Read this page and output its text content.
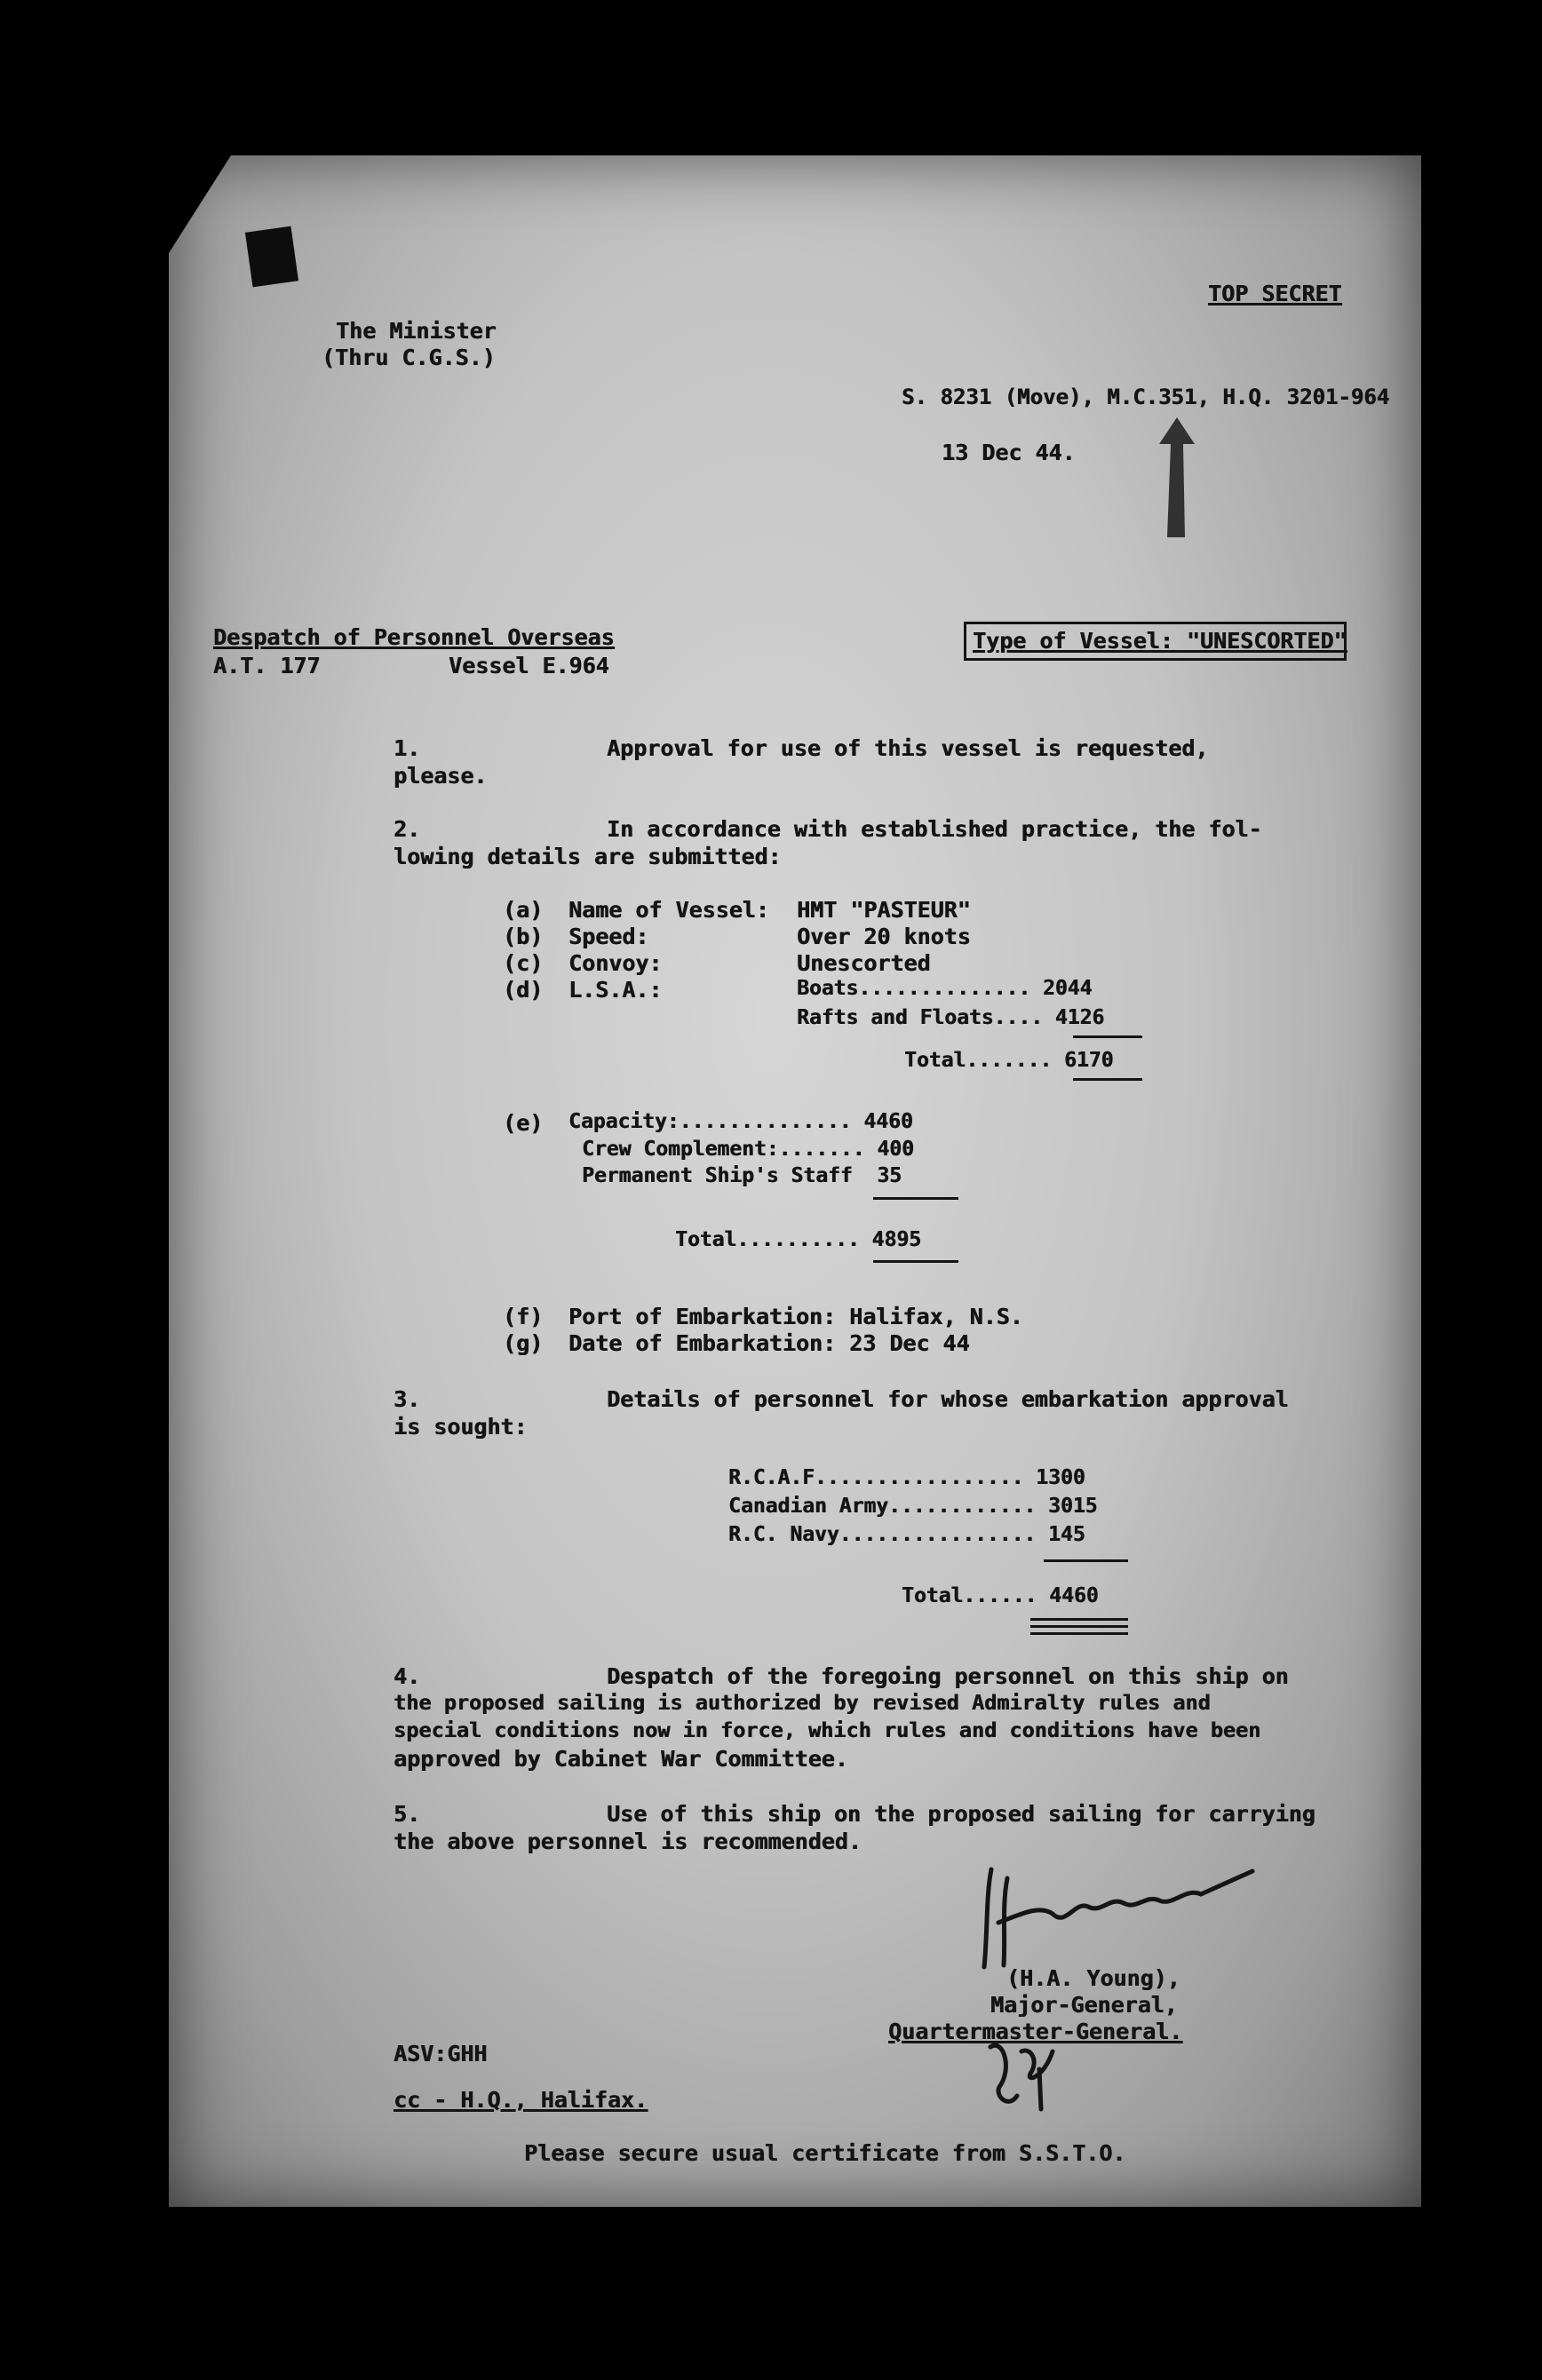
The Minister
(Thru C.G.S.)
TOP SECRET
S. 8231 (Move), M.C.351, H.Q. 3201-964
13 Dec 44.
Despatch of Personnel Overseas
A.T. 177	Vessel E.964
Type of Vessel: "UNESCORTED"
1.	Approval for use of this vessel is requested,
please.
2.	In accordance with established practice, the fol-
lowing details are submitted:
(a) Name of Vessel: HMT "PASTEUR"
(b) Speed:	Over 20 knots
(c) Convoy:	Unescorted
(d) L.S.A.:	Boats.............. 2044
Rafts and Floats.... 4126
Total....... 6170
(e) Capacity:.............. 4460
Crew Complement:....... 400
Permanent Ship's Staff  35
Total.......... 4895
(f) Port of Embarkation: Halifax, N.S.
(g) Date of Embarkation: 23 Dec 44
3.	Details of personnel for whose embarkation approval
is sought:
R.C.A.F................. 1300
Canadian Army............ 3015
R.C. Navy................ 145
Total...... 4460
4.	Despatch of the foregoing personnel on this ship on
the proposed sailing is authorized by revised Admiralty rules and
special conditions now in force, which rules and conditions have been
approved by Cabinet War Committee.
5.	Use of this ship on the proposed sailing for carrying
the above personnel is recommended.
(H.A. Young),
Major-General,
Quartermaster-General.
ASV:GHH
cc - H.Q., Halifax.
Please secure usual certificate from S.S.T.O.
